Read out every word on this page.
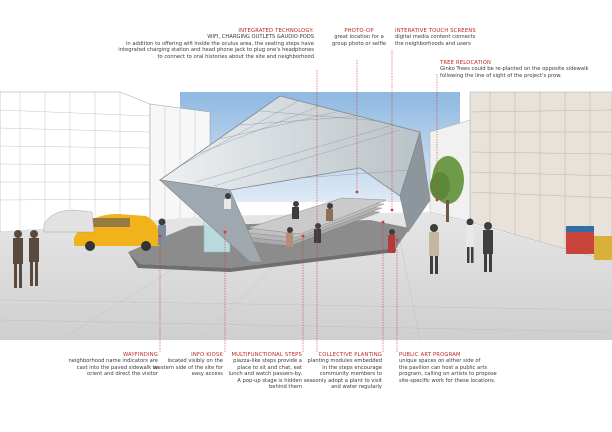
INTEGRATED TECHNOLOGY:
WIFI, CHARGING OUTLETS &AUDIO PODS
in addition to offering wifi inside the oculus area, the seating steps have
integrated charging station and head phone jack to plug one's headphones
to connect to oral histories about the site and neighborhood
PHOTO-OP
great location for a
group photo or selfie
INTERATIVE TOUCH SCREENS
digital media content connects
the neighborhoods and users
TREE RELOCATION
Ginko Trees could be re-planted on the opposite sidewalk
following the line of sight of the project's prow.
WAYFINDING
neighborhood name indicators are
cast into the paved sidewalk to
orient and direct the visitor
INFO KIOSK
located visibly on the
western side of the site for
easy access
MULTIFUNCTIONAL STEPS
piazza-like steps provide a
place to sit and chat, eat
lunch and watch passers-by.
A pop-up stage is hidden
behind them
COLLECTIVE PLANTING
planting modules embedded
in the steps encourage
community members to
seasonly adopt a plant to visit
and water regularly
PUBLIC ART PROGRAM
unique spaces on either side of
the pavilion can host a public arts
program, calling on artists to propose
site-specific work for these locations.
